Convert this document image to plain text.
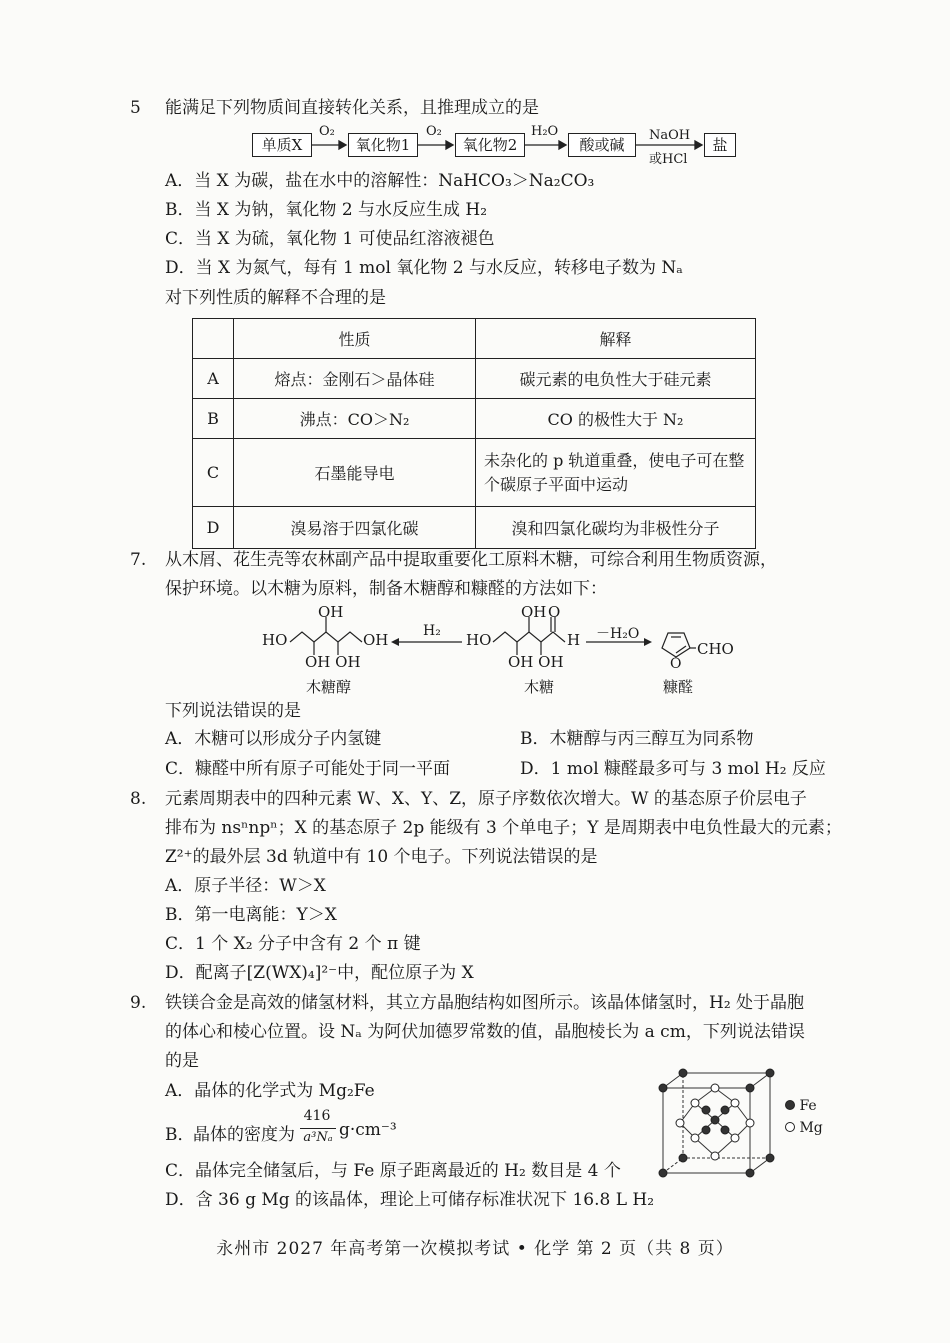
5 能满足下列物质间直接转化关系，且推理成立的是
单质X	氧化物1	氧化物2	酸或碱	盐
O₂	O₂	H₂O	NaOH
或HCl
A．当 X 为碳，盐在水中的溶解性：NaHCO₃＞Na₂CO₃
B．当 X 为钠，氧化物 2 与水反应生成 H₂
C．当 X 为硫，氧化物 1 可使品红溶液褪色
D．当 X 为氮气，每有 1 mol 氧化物 2 与水反应，转移电子数为 Nₐ
对下列性质的解释不合理的是
	性质	解释
A	熔点：金刚石＞晶体硅	碳元素的电负性大于硅元素
B	沸点：CO＞N₂	CO 的极性大于 N₂
C	石墨能导电	未杂化的 p 轨道重叠，使电子可在整个碳原子平面中运动
D	溴易溶于四氯化碳	溴和四氯化碳均为非极性分子
7. 从木屑、花生壳等农林副产品中提取重要化工原料木糖，可综合利用生物质资源，
保护环境。以木糖为原料，制备木糖醇和糠醛的方法如下：
HO
OH
OH
OH OH
H₂ HO
OH O
H
OH OH
－H₂O
O
CHO
木糖醇	木糖	糠醛
下列说法错误的是
A．木糖可以形成分子内氢键	B．木糖醇与丙三醇互为同系物
C．糠醛中所有原子可能处于同一平面	D．1 mol 糠醛最多可与 3 mol H₂ 反应
8. 元素周期表中的四种元素 W、X、Y、Z，原子序数依次增大。W 的基态原子价层电子
排布为 nsⁿnpⁿ；X 的基态原子 2p 能级有 3 个单电子；Y 是周期表中电负性最大的元素；
Z²⁺的最外层 3d 轨道中有 10 个电子。下列说法错误的是
A．原子半径：W＞X
B．第一电离能：Y＞X
C．1 个 X₂ 分子中含有 2 个 π 键
D．配离子[Z(WX)₄]²⁻中，配位原子为 X
9. 铁镁合金是高效的储氢材料，其立方晶胞结构如图所示。该晶体储氢时，H₂ 处于晶胞
的体心和棱心位置。设 Nₐ 为阿伏加德罗常数的值，晶胞棱长为 a cm，下列说法错误
的是
A．晶体的化学式为 Mg₂Fe
B．
晶体的密度为
416
a³Nₐ g·cm⁻³
C．晶体完全储氢后，与 Fe 原子距离最近的 H₂ 数目是 4 个
D．含 36 g Mg 的该晶体，理论上可储存标准状况下 16.8 L H₂
Fe
Mg
永州市 2027 年高考第一次模拟考试 • 化学 第 2 页（共 8 页）
